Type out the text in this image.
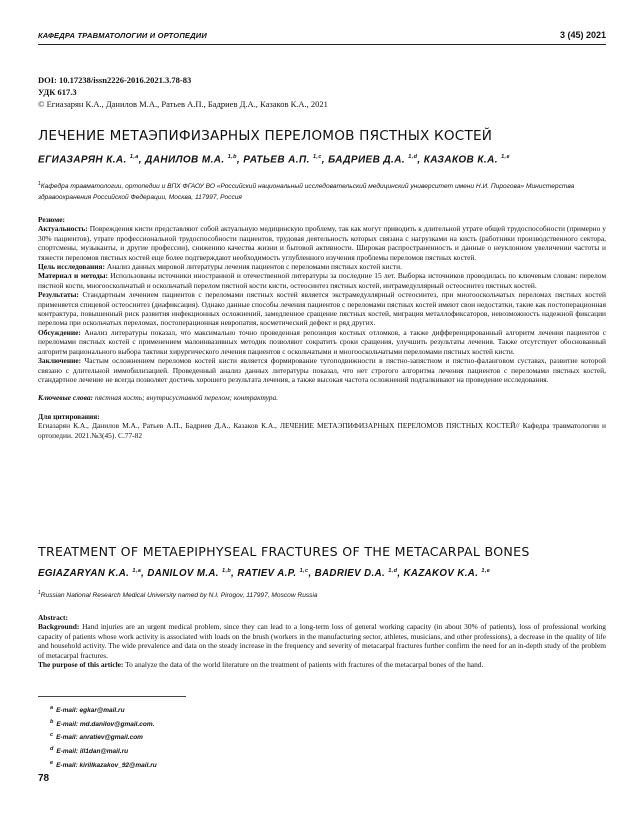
КАФЕДРА ТРАВМАТОЛОГИИ И ОРТОПЕДИИ	3 (45) 2021
DOI: 10.17238/issn2226-2016.2021.3.78-83
УДК 617.3
© Егиазарян К.А., Данилов М.А., Ратьев А.П., Бадриев Д.А., Казаков К.А., 2021
ЛЕЧЕНИЕ МЕТАЭПИФИЗАРНЫХ ПЕРЕЛОМОВ ПЯСТНЫХ КОСТЕЙ
ЕГИАЗАРЯН К.А. $^{1,a}$, ДАНИЛОВ М.А. $^{1,b}$, РАТЬЕВ А.П. $^{1,c}$, БАДРИЕВ Д.А. $^{1,d}$, КАЗАКОВ К.А. $^{1,e}$
$^1$Кафедра травматологии, ортопедии и ВПХ ФГАОУ ВО «Российский национальный исследовательский медицинский университет имени Н.И. Пирогова» Министерства здравоохранения Российской Федерации, Москва, 117997, Россия

Резюме:

Актуальность: Повреждения кисти представляют собой актуальную медицинскую проблему, так как могут приводить к длительной утрате общей трудоспособности (примерно у 30% пациентов), утрате профессиональной трудоспособности пациентов, трудовая деятельность которых связана с нагрузками на кисть (работники производственного сектора, спортсмены, музыканты, и другие профессии), снижению качества жизни и бытовой активности. Широкая распространенность и данные о неуклонном увеличении частоты и тяжести переломов пястных костей еще более подтверждают необходимость углубленного изучения проблемы переломов пястных костей.

Цель исследования: Анализ данных мировой литературы лечения пациентов с переломами пястных костей кисти.

Материал и методы: Использованы источники иностранной и отечественной литературы за последние 15 лет. Выборка источников проводилась по ключевым словам: перелом пястной кости, многооскольчатый и оскольчатый перелом пястной кости кисти, остеосинтез пястных костей, интрамедуллярный остеосинтез пястных костей.

Результаты: Стандартным лечением пациентов с переломами пястных костей является экстрамедуллярный остеосинтез, при многооскольчатых переломах пястных костей применяется спицевой остеосинтез (диафиксация). Однако данные способы лечения пациентов с переломами пястных костей имеют свои недостатки, такие как постоперационная контрактура, повышенный риск развития инфекционных осложнений, замедленное сращение пястных костей, миграция металлофиксаторов, невозможность надежной фиксации перелома при оскольчатых переломах, постоперационная невропатия, косметический дефект и ряд других.

Обсуждение: Анализ литературы показал, что максимально точно проведенная репозиция костных отломков, а также дифференцированный алгоритм лечения пациентов с переломами пястных костей с применением малоинвазивных методик позволяют сократить сроки сращения, улучшить результаты лечения. Также отсутствует обоснованный алгоритм рационального выбора тактики хирургического лечения пациентов с оскольчатыми и многооскольчатыми переломами пястных костей кисти.

Заключение: Частым осложнением переломов костей кисти является формирование тугоподвижности в пястно-запястном и пястно-фаланговом суставах, развитие которой связано с длительной иммобилизацией. Проведенный анализ данных литературы показал, что нет строгого алгоритма лечения пациентов с переломами пястных костей, стандартное лечение не всегда позволяет достичь хорошего результата лечения, а также высокая частота осложнений подталкивают на проведение исследования.

Ключевые слова: пястная кость; внутрисуставной перелом; контрактура.

Для цитирования:

Егиазарян К.А., Данилов М.А., Ратьев А.П., Бадриев Д.А., Казаков К.А., ЛЕЧЕНИЕ МЕТАЭПИФИЗАРНЫХ ПЕРЕЛОМОВ ПЯСТНЫХ КОСТЕЙ// Кафедра травматологии и ортопедии. 2021.№3(45). С.77-82

TREATMENT OF METAEPIPHYSEAL FRACTURES OF THE METACARPAL BONES
EGIAZARYAN K.A. $^{1,a}$, DANILOV M.A. $^{1,b}$, RATIEV A.P. $^{1,c}$, BADRIEV D.A. $^{1,d}$, KAZAKOV K.A. $^{1,e}$
$^1$Russian National Research Medical University named by N.I. Pirogov, 117997, Moscow Russia

Abstract:

Background: Hand injuries are an urgent medical problem, since they can lead to a long-term loss of general working capacity (in about 30% of patients), loss of professional working capacity of patients whose work activity is associated with loads on the brush (workers in the manufacturing sector, athletes, musicians, and other professions), a decrease in the quality of life and household activity. The wide prevalence and data on the steady increase in the frequency and severity of metacarpal fractures further confirm the need for an in-depth study of the problem of metacarpal fractures.

The purpose of this article: To analyze the data of the world literature on the treatment of patients with fractures of the metacarpal bones of the hand.

$^a$ E-mail: egkar@mail.ru
$^b$ E-mail: md.danilov@gmail.com.
$^c$ E-mail: anratiev@gmail.com
$^d$ E-mail: ill1dan@mail.ru
$^e$ E-mail: kirillkazakov_92@mail.ru
78
